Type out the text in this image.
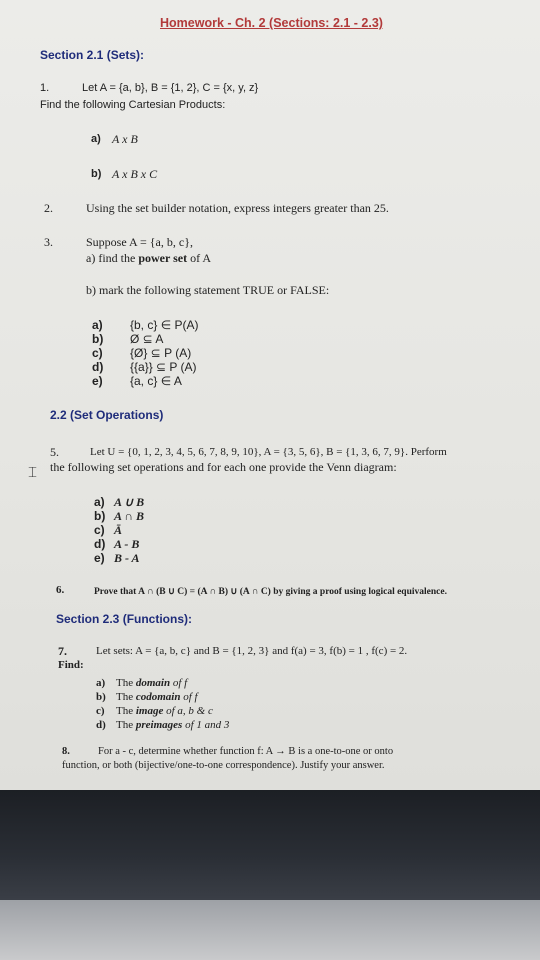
Homework - Ch. 2 (Sections: 2.1 - 2.3)
Section 2.1 (Sets):
1.	Let A = {a, b}, B = {1, 2}, C = {x, y, z}
Find the following Cartesian Products:
a) A x B
b) A x B x C
2.	Using the set builder notation, express integers greater than 25.
3.	Suppose A = {a, b, c},
a) find the power set of A
b) mark the following statement TRUE or FALSE:
a) {b, c} ∈ P(A)
b) Ø ⊆ A
c) {Ø} ⊆ P (A)
d) {{a}} ⊆ P (A)
e) {a, c} ∈ A
2.2 (Set Operations)
5.	Let U = {0, 1, 2, 3, 4, 5, 6, 7, 8, 9, 10}, A = {3, 5, 6}, B = {1, 3, 6, 7, 9}. Perform
the following set operations and for each one provide the Venn diagram:
⌶
a) A ∪ B
b) A ∩ B
c) Ā
d) A - B
e) B - A
6.	Prove that A ∩ (B ∪ C) = (A ∩ B) ∪ (A ∩ C) by giving a proof using logical equivalence.
Section 2.3 (Functions):
7.	Let sets: A = {a, b, c} and B = {1, 2, 3} and f(a) = 3, f(b) = 1 , f(c) = 2.
Find:
a) The domain of f
b) The codomain of f
c) The image of a, b & c
d) The preimages of 1 and 3
8.	For a - c, determine whether function f: A → B is a one-to-one or onto
function, or both (bijective/one-to-one correspondence). Justify your answer.
